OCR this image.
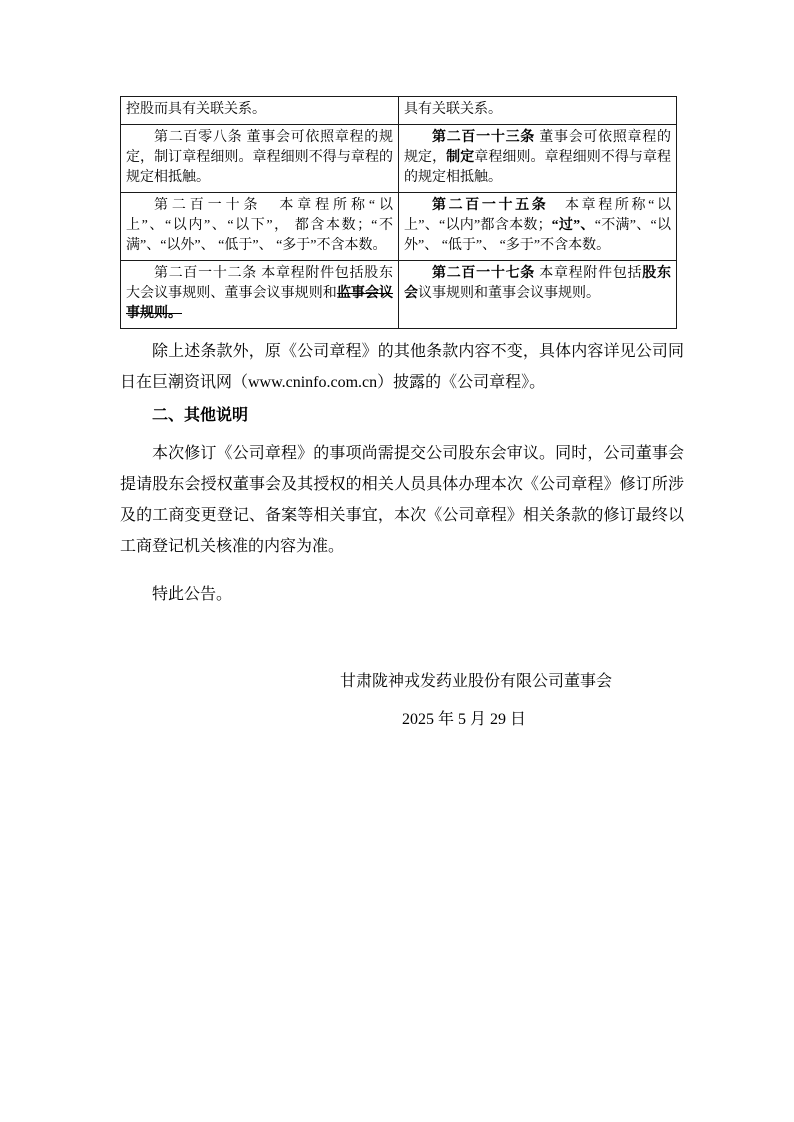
控股而具有关联关系。	具有关联关系。
第二百零八条 董事会可依照章程的规定，制订章程细则。章程细则不得与章程的规定相抵触。	第二百一十三条 董事会可依照章程的规定，制定章程细则。章程细则不得与章程的规定相抵触。
第二百一十条　本章程所称“以上”、“以内”、“以下”， 都含本数；“不满”、“以外”、 “低于”、 “多于”不含本数。	第二百一十五条　本章程所称“以上”、“以内”都含本数；“过”、“不满”、“以外”、 “低于”、 “多于”不含本数。
第二百一十二条 本章程附件包括股东大会议事规则、董事会议事规则和监事会议事规则。	第二百一十七条 本章程附件包括股东会议事规则和董事会议事规则。

除上述条款外，原《公司章程》的其他条款内容不变，具体内容详见公司同日在巨潮资讯网（www.cninfo.com.cn）披露的《公司章程》。

二、其他说明

本次修订《公司章程》的事项尚需提交公司股东会审议。同时，公司董事会提请股东会授权董事会及其授权的相关人员具体办理本次《公司章程》修订所涉及的工商变更登记、备案等相关事宜，本次《公司章程》相关条款的修订最终以工商登记机关核准的内容为准。

特此公告。

甘肃陇神戎发药业股份有限公司董事会

2025 年 5 月 29 日
